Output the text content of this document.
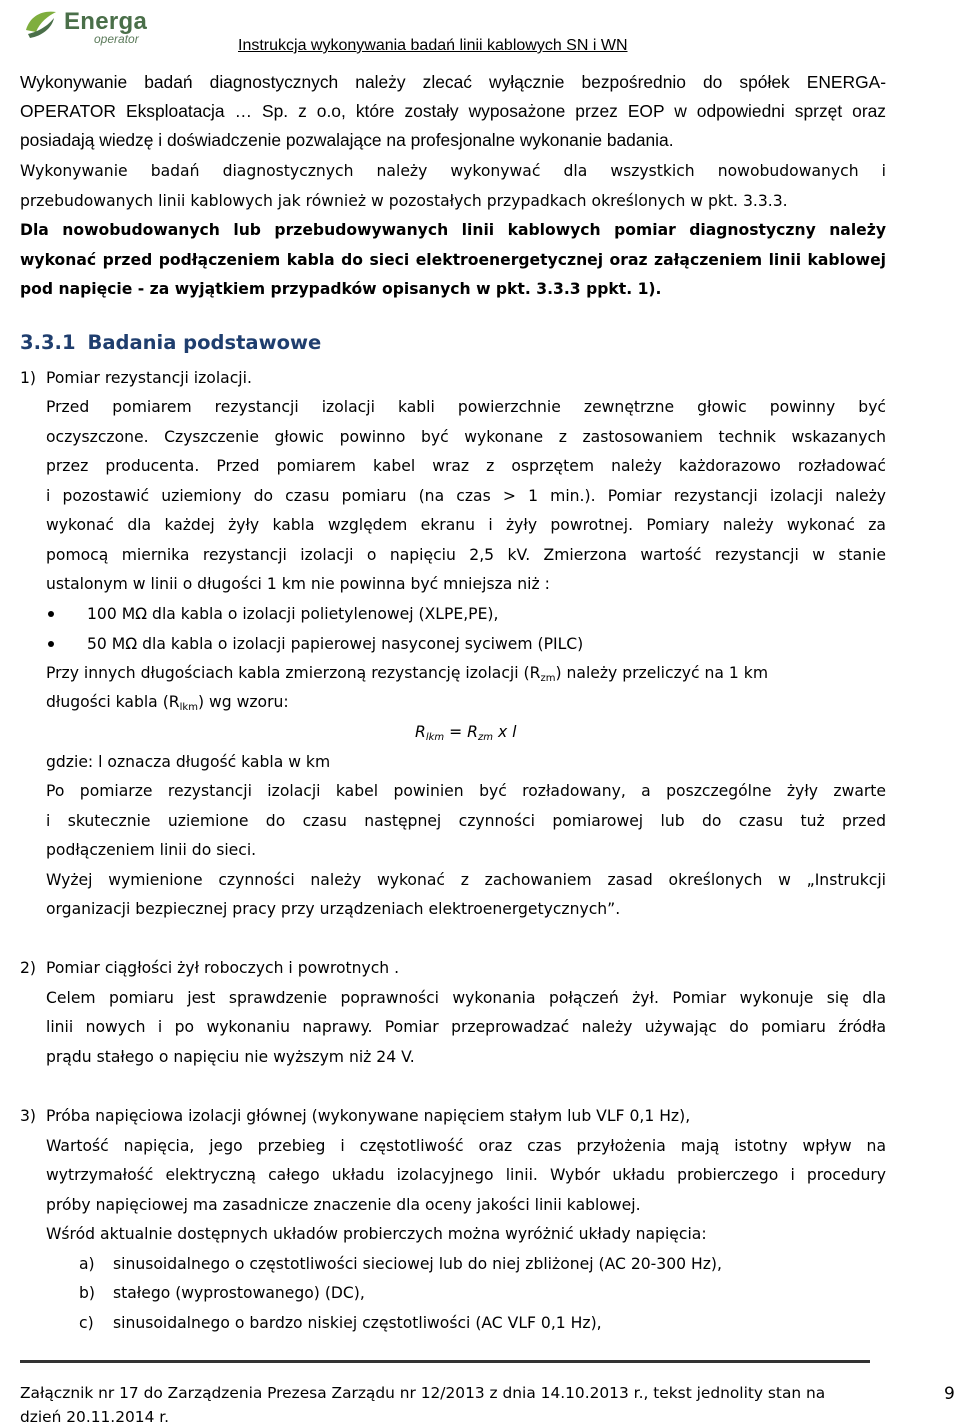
Energa
operator	Instrukcja wykonywania badań linii kablowych SN i WN
Wykonywanie badań diagnostycznych należy zlecać wyłącznie bezpośrednio do spółek ENERGA-
OPERATOR Eksploatacja … Sp. z o.o, które zostały wyposażone przez EOP w odpowiedni sprzęt oraz
posiadają wiedzę i doświadczenie pozwalające na profesjonalne wykonanie badania.
Wykonywanie badań diagnostycznych należy wykonywać dla wszystkich nowobudowanych i
przebudowanych linii kablowych jak również w pozostałych przypadkach określonych w pkt. 3.3.3.
Dla nowobudowanych lub przebudowywanych linii kablowych pomiar diagnostyczny należy
wykonać przed podłączeniem kabla do sieci elektroenergetycznej oraz załączeniem linii kablowej
pod napięcie - za wyjątkiem przypadków opisanych w pkt. 3.3.3 ppkt. 1).
3.3.1 Badania podstawowe
1) Pomiar rezystancji izolacji.
Przed pomiarem rezystancji izolacji kabli powierzchnie zewnętrzne głowic powinny być
oczyszczone. Czyszczenie głowic powinno być wykonane z zastosowaniem technik wskazanych
przez producenta. Przed pomiarem kabel wraz z osprzętem należy każdorazowo rozładować
i pozostawić uziemiony do czasu pomiaru (na czas > 1 min.). Pomiar rezystancji izolacji należy
wykonać dla każdej żyły kabla względem ekranu i żyły powrotnej. Pomiary należy wykonać za
pomocą miernika rezystancji izolacji o napięciu 2,5 kV. Zmierzona wartość rezystancji w stanie
ustalonym w linii o długości 1 km nie powinna być mniejsza niż :
100 MΩ dla kabla o izolacji polietylenowej (XLPE,PE),
50 MΩ dla kabla o izolacji papierowej nasyconej syciwem (PILC)
Przy innych długościach kabla zmierzoną rezystancję izolacji $(R_{zm})$ należy przeliczyć na 1 km
długości kabla $(R_{lkm})$ wg wzoru:
$R_{lkm} = R_{zm}$ x l
gdzie: l oznacza długość kabla w km
Po pomiarze rezystancji izolacji kabel powinien być rozładowany, a poszczególne żyły zwarte
i skutecznie uziemione do czasu następnej czynności pomiarowej lub do czasu tuż przed
podłączeniem linii do sieci.
Wyżej wymienione czynności należy wykonać z zachowaniem zasad określonych w „Instrukcji
organizacji bezpiecznej pracy przy urządzeniach elektroenergetycznych”.
2) Pomiar ciągłości żył roboczych i powrotnych .
Celem pomiaru jest sprawdzenie poprawności wykonania połączeń żył. Pomiar wykonuje się dla
linii nowych i po wykonaniu naprawy. Pomiar przeprowadzać należy używając do pomiaru źródła
prądu stałego o napięciu nie wyższym niż 24 V.
3) Próba napięciowa izolacji głównej (wykonywane napięciem stałym lub VLF 0,1 Hz),
Wartość napięcia, jego przebieg i częstotliwość oraz czas przyłożenia mają istotny wpływ na
wytrzymałość elektryczną całego układu izolacyjnego linii. Wybór układu probierczego i procedury
próby napięciowej ma zasadnicze znaczenie dla oceny jakości linii kablowej.
Wśród aktualnie dostępnych układów probierczych można wyróżnić układy napięcia:
a) sinusoidalnego o częstotliwości sieciowej lub do niej zbliżonej (AC 20-300 Hz),
b) stałego (wyprostowanego) (DC),
c) sinusoidalnego o bardzo niskiej częstotliwości (AC VLF 0,1 Hz),
Załącznik nr 17 do Zarządzenia Prezesa Zarządu nr 12/2013 z dnia 14.10.2013 r., tekst jednolity stan na dzień 20.11.2014 r.
9
